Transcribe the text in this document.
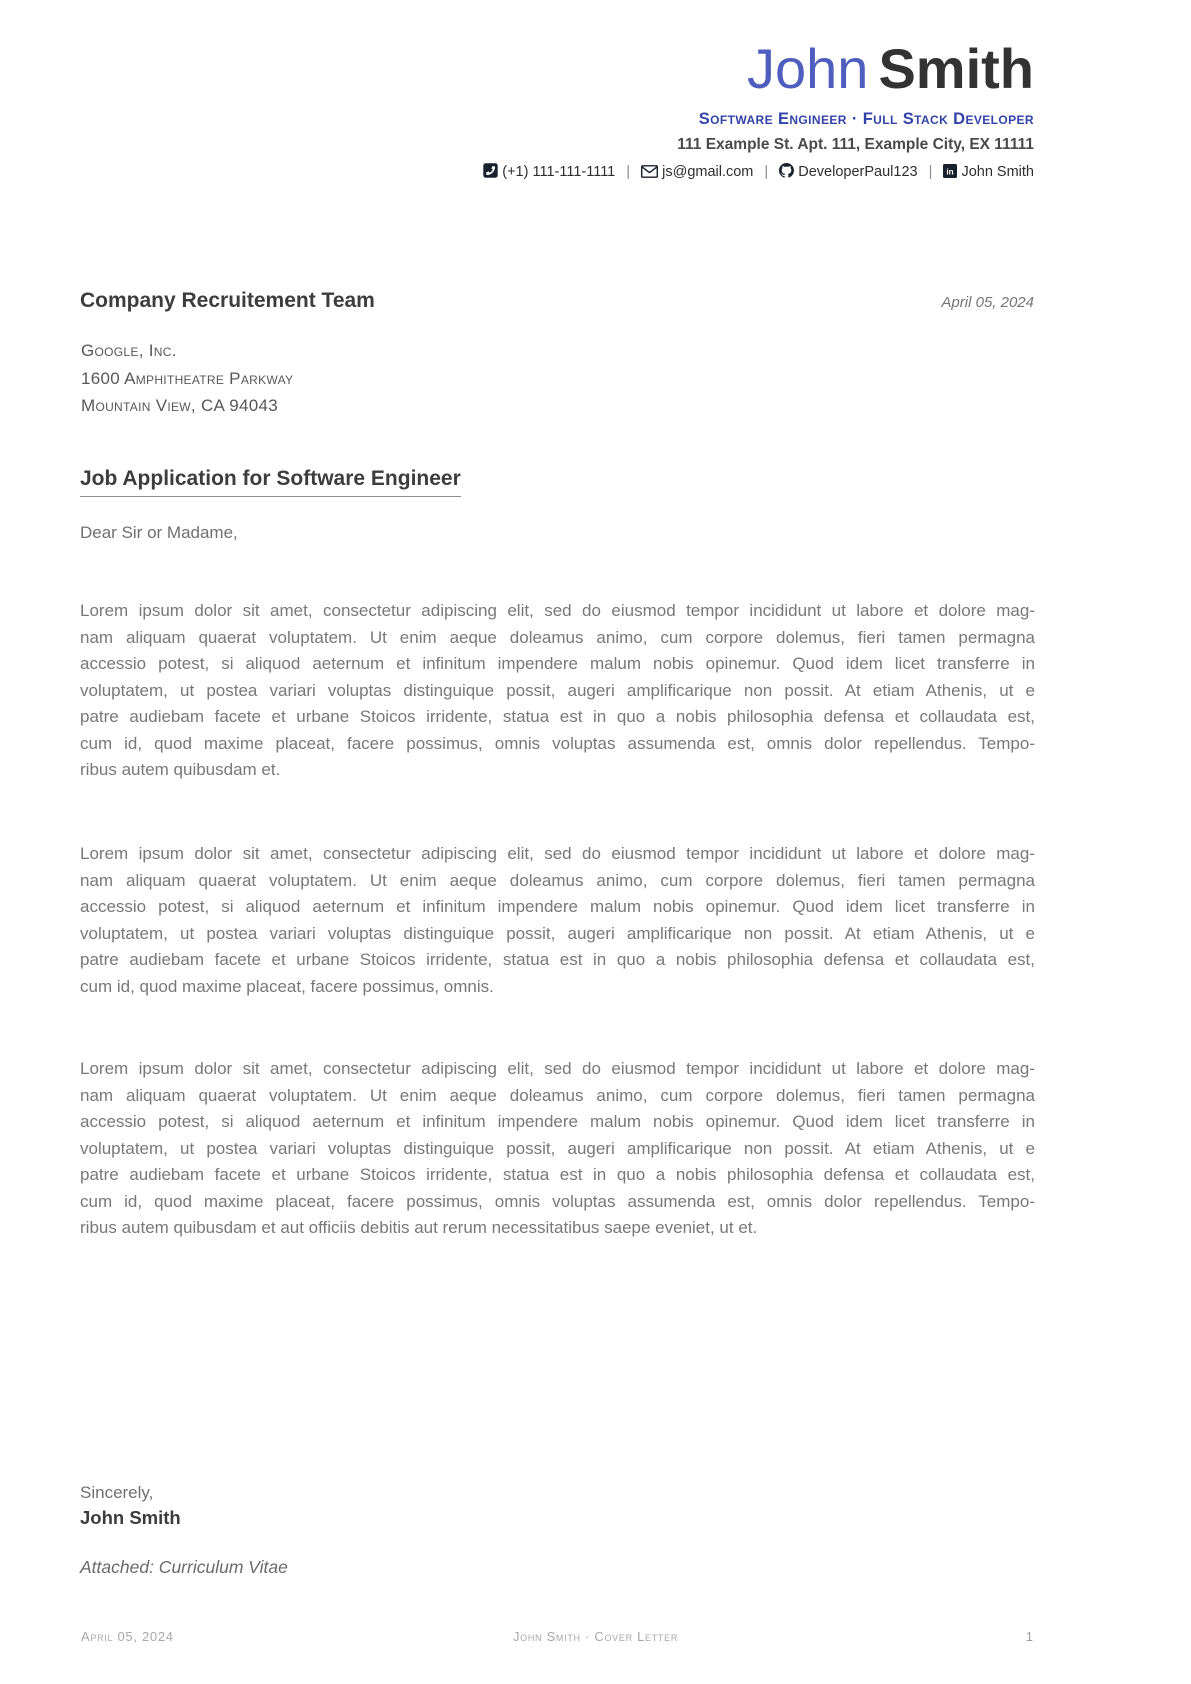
John Smith
Software Engineer · Full Stack Developer
111 Example St. Apt. 111, Example City, EX 11111
(+1) 111-111-1111 | js@gmail.com | DeveloperPaul123 | in John Smith
Company Recruitement Team	April 05, 2024
Google, Inc.
1600 Amphitheatre Parkway
Mountain View, CA 94043
Job Application for Software Engineer
Dear Sir or Madame,
Lorem ipsum dolor sit amet, consectetur adipiscing elit, sed do eiusmod tempor incididunt ut labore et dolore mag-
nam aliquam quaerat voluptatem. Ut enim aeque doleamus animo, cum corpore dolemus, fieri tamen permagna
accessio potest, si aliquod aeternum et infinitum impendere malum nobis opinemur. Quod idem licet transferre in
voluptatem, ut postea variari voluptas distinguique possit, augeri amplificarique non possit. At etiam Athenis, ut e
patre audiebam facete et urbane Stoicos irridente, statua est in quo a nobis philosophia defensa et collaudata est,
cum id, quod maxime placeat, facere possimus, omnis voluptas assumenda est, omnis dolor repellendus. Tempo-
ribus autem quibusdam et.
Lorem ipsum dolor sit amet, consectetur adipiscing elit, sed do eiusmod tempor incididunt ut labore et dolore mag-
nam aliquam quaerat voluptatem. Ut enim aeque doleamus animo, cum corpore dolemus, fieri tamen permagna
accessio potest, si aliquod aeternum et infinitum impendere malum nobis opinemur. Quod idem licet transferre in
voluptatem, ut postea variari voluptas distinguique possit, augeri amplificarique non possit. At etiam Athenis, ut e
patre audiebam facete et urbane Stoicos irridente, statua est in quo a nobis philosophia defensa et collaudata est,
cum id, quod maxime placeat, facere possimus, omnis.
Lorem ipsum dolor sit amet, consectetur adipiscing elit, sed do eiusmod tempor incididunt ut labore et dolore mag-
nam aliquam quaerat voluptatem. Ut enim aeque doleamus animo, cum corpore dolemus, fieri tamen permagna
accessio potest, si aliquod aeternum et infinitum impendere malum nobis opinemur. Quod idem licet transferre in
voluptatem, ut postea variari voluptas distinguique possit, augeri amplificarique non possit. At etiam Athenis, ut e
patre audiebam facete et urbane Stoicos irridente, statua est in quo a nobis philosophia defensa et collaudata est,
cum id, quod maxime placeat, facere possimus, omnis voluptas assumenda est, omnis dolor repellendus. Tempo-
ribus autem quibusdam et aut officiis debitis aut rerum necessitatibus saepe eveniet, ut et.
Sincerely,
John Smith
Attached: Curriculum Vitae
April 05, 2024	John Smith · Cover Letter	1
